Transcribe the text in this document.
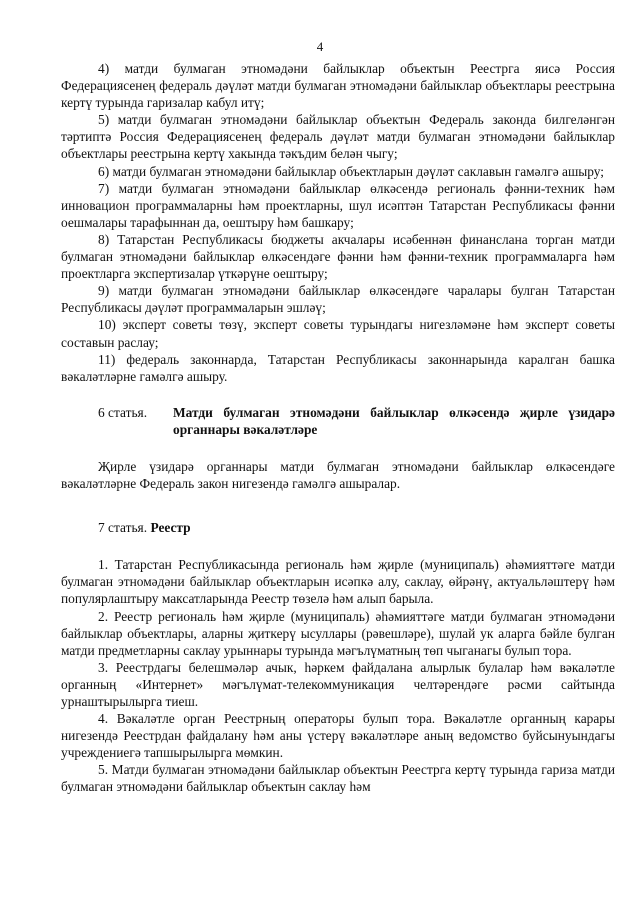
4

4) матди булмаган этномәдәни байлыклар объектын Реестрга яисә Россия Федерациясенең федераль дәүләт матди булмаган этномәдәни байлыклар объектлары реестрына кертү турында гаризалар кабул итү;

5) матди булмаган этномәдәни байлыклар объектын Федераль законда билгеләнгән тәртиптә Россия Федерациясенең федераль дәүләт матди булмаган этномәдәни байлыклар объектлары реестрына кертү хакында тәкъдим белән чыгу;

6) матди булмаган этномәдәни байлыклар объектларын дәүләт саклавын гамәлгә ашыру;

7) матди булмаган этномәдәни байлыклар өлкәсендә региональ фәнни-техник һәм инновацион программаларны һәм проектларны, шул исәптән Татарстан Республикасы фәнни оешмалары тарафыннан да, оештыру һәм башкару;

8) Татарстан Республикасы бюджеты акчалары исәбеннән финанслана торган матди булмаган этномәдәни байлыклар өлкәсендәге фәнни һәм фәнни-техник программаларга һәм проектларга экспертизалар үткәрүне оештыру;

9) матди булмаган этномәдәни байлыклар өлкәсендәге чаралары булган Татарстан Республикасы дәүләт программаларын эшләү;

10) эксперт советы төзү, эксперт советы турындагы нигезләмәне һәм эксперт советы составын раслау;

11) федераль законнарда, Татарстан Республикасы законнарында каралган башка вәкаләтләрне гамәлгә ашыру.

6 статья.	Матди булмаган этномәдәни байлыклар өлкәсендә җирле үзидарә органнары вәкаләтләре

Җирле үзидарә органнары матди булмаган этномәдәни байлыклар өлкәсендәге вәкаләтләрне Федераль закон нигезендә гамәлгә ашыралар.

7 статья. Реестр

1. Татарстан Республикасында региональ һәм җирле (муниципаль) әһәмияттәге матди булмаган этномәдәни байлыклар объектларын исәпкә алу, саклау, өйрәнү, актуальләштерү һәм популярлаштыру максатларында Реестр төзелә һәм алып барыла.

2. Реестр региональ һәм җирле (муниципаль) әһәмияттәге матди булмаган этномәдәни байлыклар объектлары, аларны җиткерү ысуллары (рәвешләре), шулай ук аларга бәйле булган матди предметларны саклау урыннары турында мәгълүматның төп чыганагы булып тора.

3. Реестрдагы белешмәләр ачык, һәркем файдалана алырлык булалар һәм вәкаләтле органның «Интернет» мәгълүмат-телекоммуникация челтәрендәге рәсми сайтында урнаштырылырга тиеш.

4. Вәкаләтле орган Реестрның операторы булып тора. Вәкаләтле органның карары нигезендә Реестрдан файдалану һәм аны үстерү вәкаләтләре аның ведомство буйсынуындагы учреждениегә тапшырылырга мөмкин.

5. Матди булмаган этномәдәни байлыклар объектын Реестрга кертү турында гариза матди булмаган этномәдәни байлыклар объектын саклау һәм
